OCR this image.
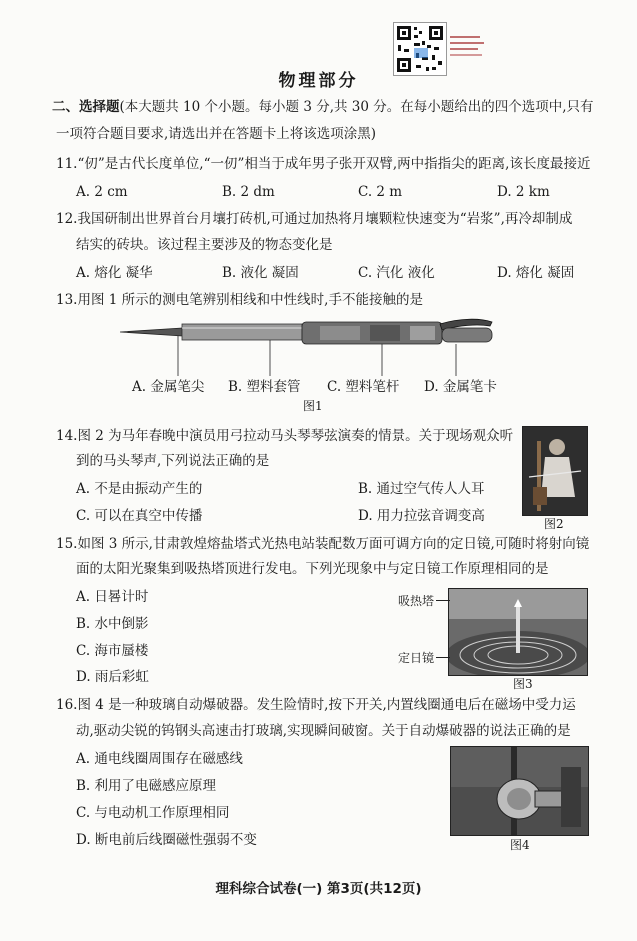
物理部分
二、选择题(本大题共 10 个小题。每小题 3 分,共 30 分。在每小题给出的四个选项中,只有
一项符合题目要求,请选出并在答题卡上将该选项涂黑)
11.“仞”是古代长度单位,“一仞”相当于成年男子张开双臂,两中指指尖的距离,该长度最接近
A. 2 cm	B. 2 dm	C. 2 m	D. 2 km
12.我国研制出世界首台月壤打砖机,可通过加热将月壤颗粒快速变为“岩浆”,再冷却制成
结实的砖块。该过程主要涉及的物态变化是
A. 熔化 凝华	B. 液化 凝固	C. 汽化 液化	D. 熔化 凝固
13.用图 1 所示的测电笔辨别相线和中性线时,手不能接触的是
A. 金属笔尖 B. 塑料套管 C. 塑料笔杆 D. 金属笔卡
图1
14.图 2 为马年春晚中演员用弓拉动马头琴琴弦演奏的情景。关于现场观众听
到的马头琴声,下列说法正确的是
A. 不是由振动产生的	B. 通过空气传人人耳
C. 可以在真空中传播	D. 用力拉弦音调变高	图2
15.如图 3 所示,甘肃敦煌熔盐塔式光热电站装配数万面可调方向的定日镜,可随时将射向镜
面的太阳光聚集到吸热塔顶进行发电。下列光现象中与定日镜工作原理相同的是
A. 日晷计时
B. 水中倒影
C. 海市蜃楼
D. 雨后彩虹
吸热塔
定日镜
图3
16.图 4 是一种玻璃自动爆破器。发生险情时,按下开关,内置线圈通电后在磁场中受力运
动,驱动尖锐的钨钢头高速击打玻璃,实现瞬间破窗。关于自动爆破器的说法正确的是
A. 通电线圈周围存在磁感线
B. 利用了电磁感应原理
C. 与电动机工作原理相同
D. 断电前后线圈磁性强弱不变	图4
理科综合试卷(一) 第3页(共12页)
